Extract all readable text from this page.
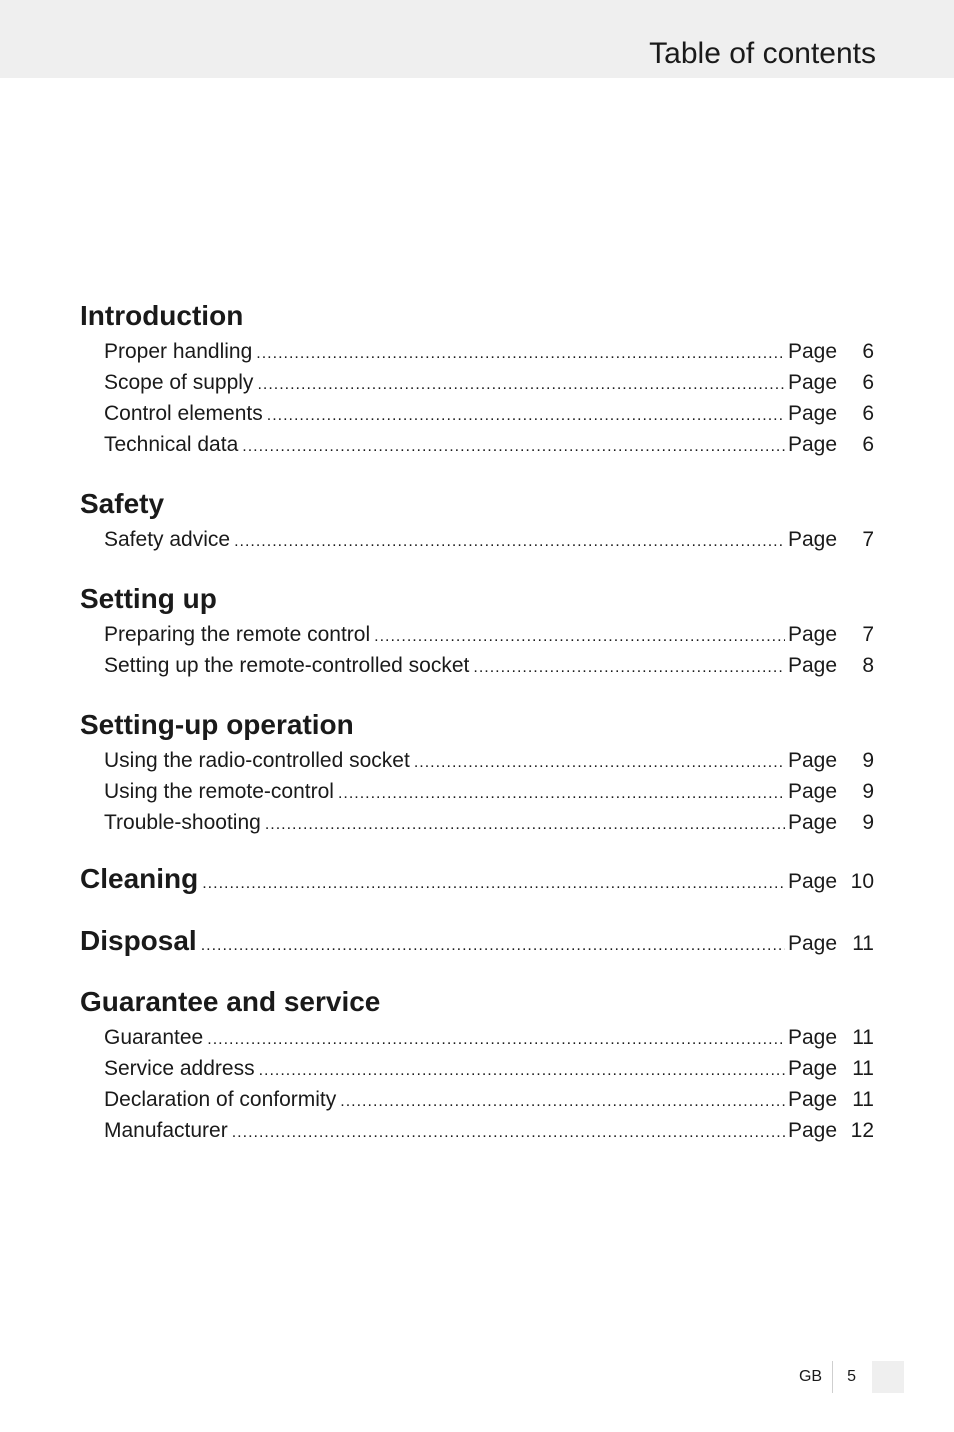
Table of contents
Introduction
Proper handling .....	Page	6
Scope of supply .....	Page	6
Control elements .....	Page	6
Technical data .....	Page	6
Safety
Safety advice .....	Page	7
Setting up
Preparing the remote control .....	Page	7
Setting up the remote-controlled socket .....	Page	8
Setting-up operation
Using the radio-controlled socket .....	Page	9
Using the remote-control .....	Page	9
Trouble-shooting .....	Page	9
Cleaning .....	Page 10
Disposal .....	Page 11
Guarantee and service
Guarantee .....	Page 11
Service address .....	Page 11
Declaration of conformity .....	Page 11
Manufacturer .....	Page 12
GB	5
